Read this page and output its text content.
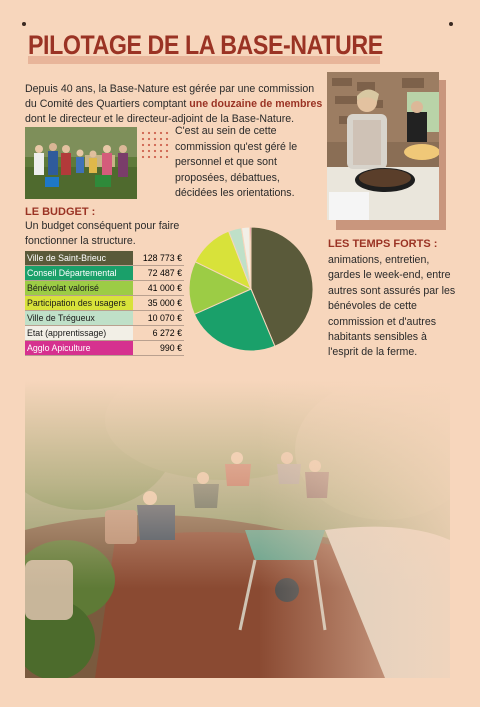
PILOTAGE DE LA BASE-NATURE
Depuis 40 ans, la Base-Nature est gérée par une commission du Comité des Quartiers comptant une douzaine de membres dont le directeur et le directeur-adjoint de la Base-Nature.
C'est au sein de cette commission qu'est géré le personnel et que sont proposées, débattues, décidées les orientations.
LE BUDGET :
Un budget conséquent pour faire fonctionner la structure.
Ville de Saint-Brieuc	128 773 €
Conseil Départemental	72 487 €
Bénévolat valorisé	41 000 €
Participation des usagers	35 000 €
Ville de Trégueux	10 070 €
Etat (apprentissage)	6 272 €
Agglo Apiculture	990 €
LES TEMPS FORTS :
animations, entretien, gardes le week-end, entre autres sont assurés par les bénévoles de cette commission et d'autres habitants sensibles à l'esprit de la ferme.
